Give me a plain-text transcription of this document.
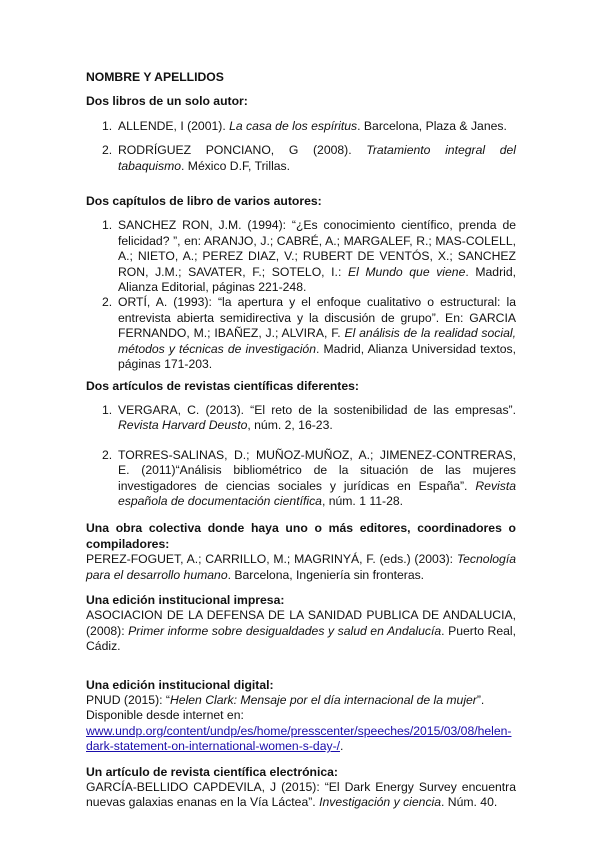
NOMBRE Y APELLIDOS

Dos libros de un solo autor:

1. ALLENDE, I (2001). La casa de los espíritus. Barcelona, Plaza & Janes.
2. RODRÍGUEZ PONCIANO, G (2008). Tratamiento integral del tabaquismo. México D.F, Trillas.

Dos capítulos de libro de varios autores:

1. SANCHEZ RON, J.M. (1994): “¿Es conocimiento científico, prenda de felicidad? ”, en: ARANJO, J.; CABRÉ, A.; MARGALEF, R.; MAS-COLELL, A.; NIETO, A.; PEREZ DIAZ, V.; RUBERT DE VENTÓS, X.; SANCHEZ RON, J.M.; SAVATER, F.; SOTELO, I.: El Mundo que viene. Madrid, Alianza Editorial, páginas 221-248.
2. ORTÍ, A. (1993): “la apertura y el enfoque cualitativo o estructural: la entrevista abierta semidirectiva y la discusión de grupo”. En: GARCIA FERNANDO, M.; IBAÑEZ, J.; ALVIRA, F. El análisis de la realidad social, métodos y técnicas de investigación. Madrid, Alianza Universidad textos, páginas 171-203.

Dos artículos de revistas científicas diferentes:

1. VERGARA, C. (2013). “El reto de la sostenibilidad de las empresas”. Revista Harvard Deusto, núm. 2, 16-23.
2. TORRES-SALINAS, D.; MUÑOZ-MUÑOZ, A.; JIMENEZ-CONTRERAS, E. (2011)“Análisis bibliométrico de la situación de las mujeres investigadores de ciencias sociales y jurídicas en España”. Revista española de documentación científica, núm. 1 11-28.

Una obra colectiva donde haya uno o más editores, coordinadores o compiladores:

PEREZ-FOGUET, A.; CARRILLO, M.; MAGRINYÁ, F. (eds.) (2003): Tecnología para el desarrollo humano. Barcelona, Ingeniería sin fronteras.

Una edición institucional impresa:

ASOCIACION DE LA DEFENSA DE LA SANIDAD PUBLICA DE ANDALUCIA, (2008): Primer informe sobre desigualdades y salud en Andalucía. Puerto Real, Cádiz.

Una edición institucional digital:

PNUD (2015): “Helen Clark: Mensaje por el día internacional de la mujer”. Disponible desde internet en:

www.undp.org/content/undp/es/home/presscenter/speeches/2015/03/08/helen-dark-statement-on-international-women-s-day-/.

Un artículo de revista científica electrónica:

GARCÍA-BELLIDO CAPDEVILA, J (2015): “El Dark Energy Survey encuentra nuevas galaxias enanas en la Vía Láctea”. Investigación y ciencia. Núm. 40.
